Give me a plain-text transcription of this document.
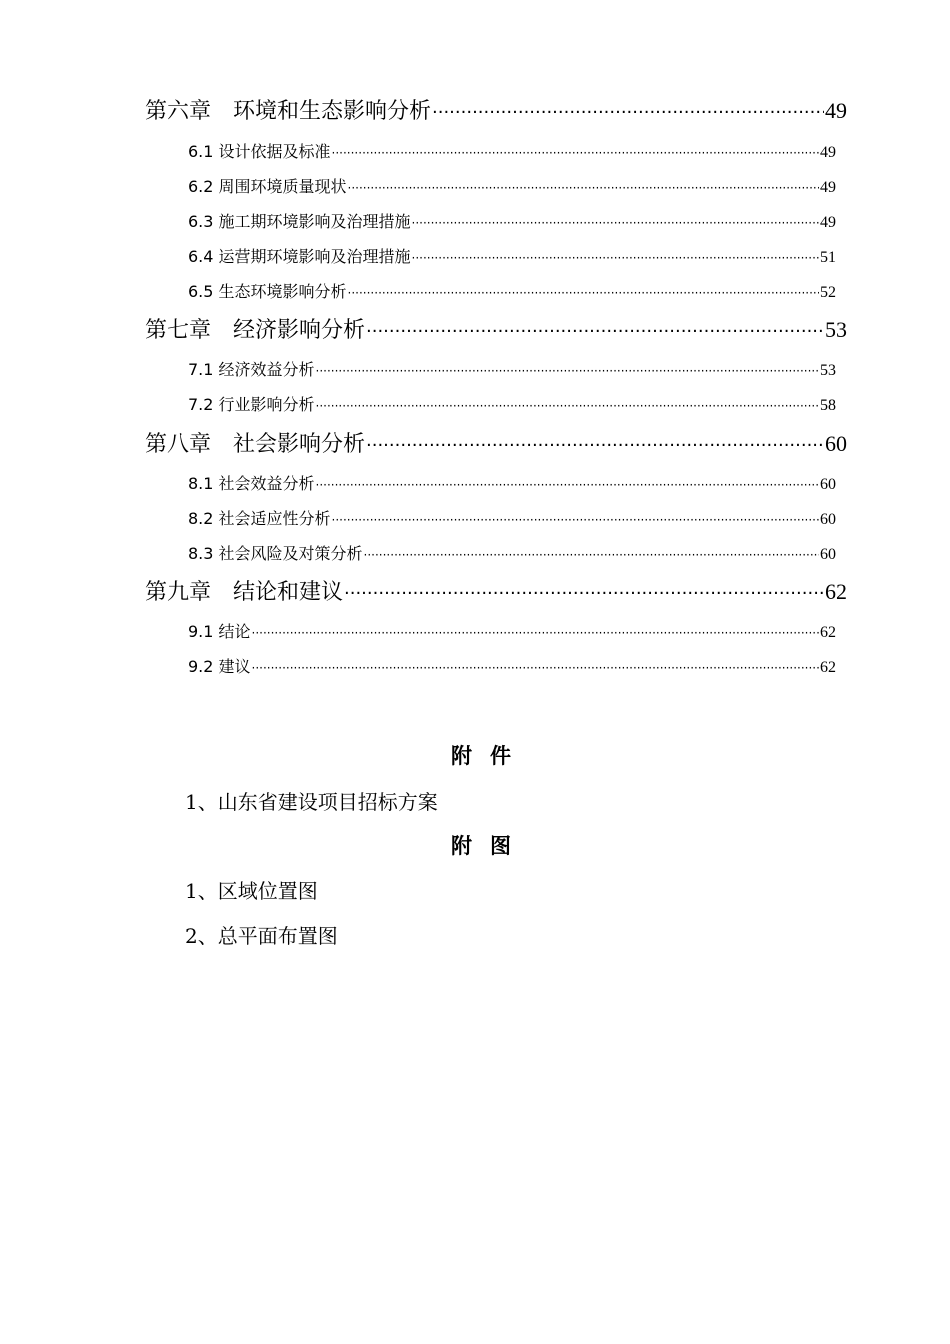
第六章　环境和生态影响分析 ·····	49
6.1 设计依据及标准 ·····	49
6.2 周围环境质量现状 ·····	49
6.3 施工期环境影响及治理措施 ·····	49
6.4 运营期环境影响及治理措施 ·····	51
6.5 生态环境影响分析 ·····	52
第七章　经济影响分析 ·····	53
7.1 经济效益分析 ·····	53
7.2 行业影响分析 ·····	58
第八章　社会影响分析 ·····	60
8.1 社会效益分析 ·····	60
8.2 社会适应性分析 ·····	60
8.3 社会风险及对策分析 ·····	60
第九章　结论和建议 ·····	62
9.1 结论 ·····	62
9.2 建议 ·····	62
附件
1、山东省建设项目招标方案
附图
1、区域位置图
2、总平面布置图
